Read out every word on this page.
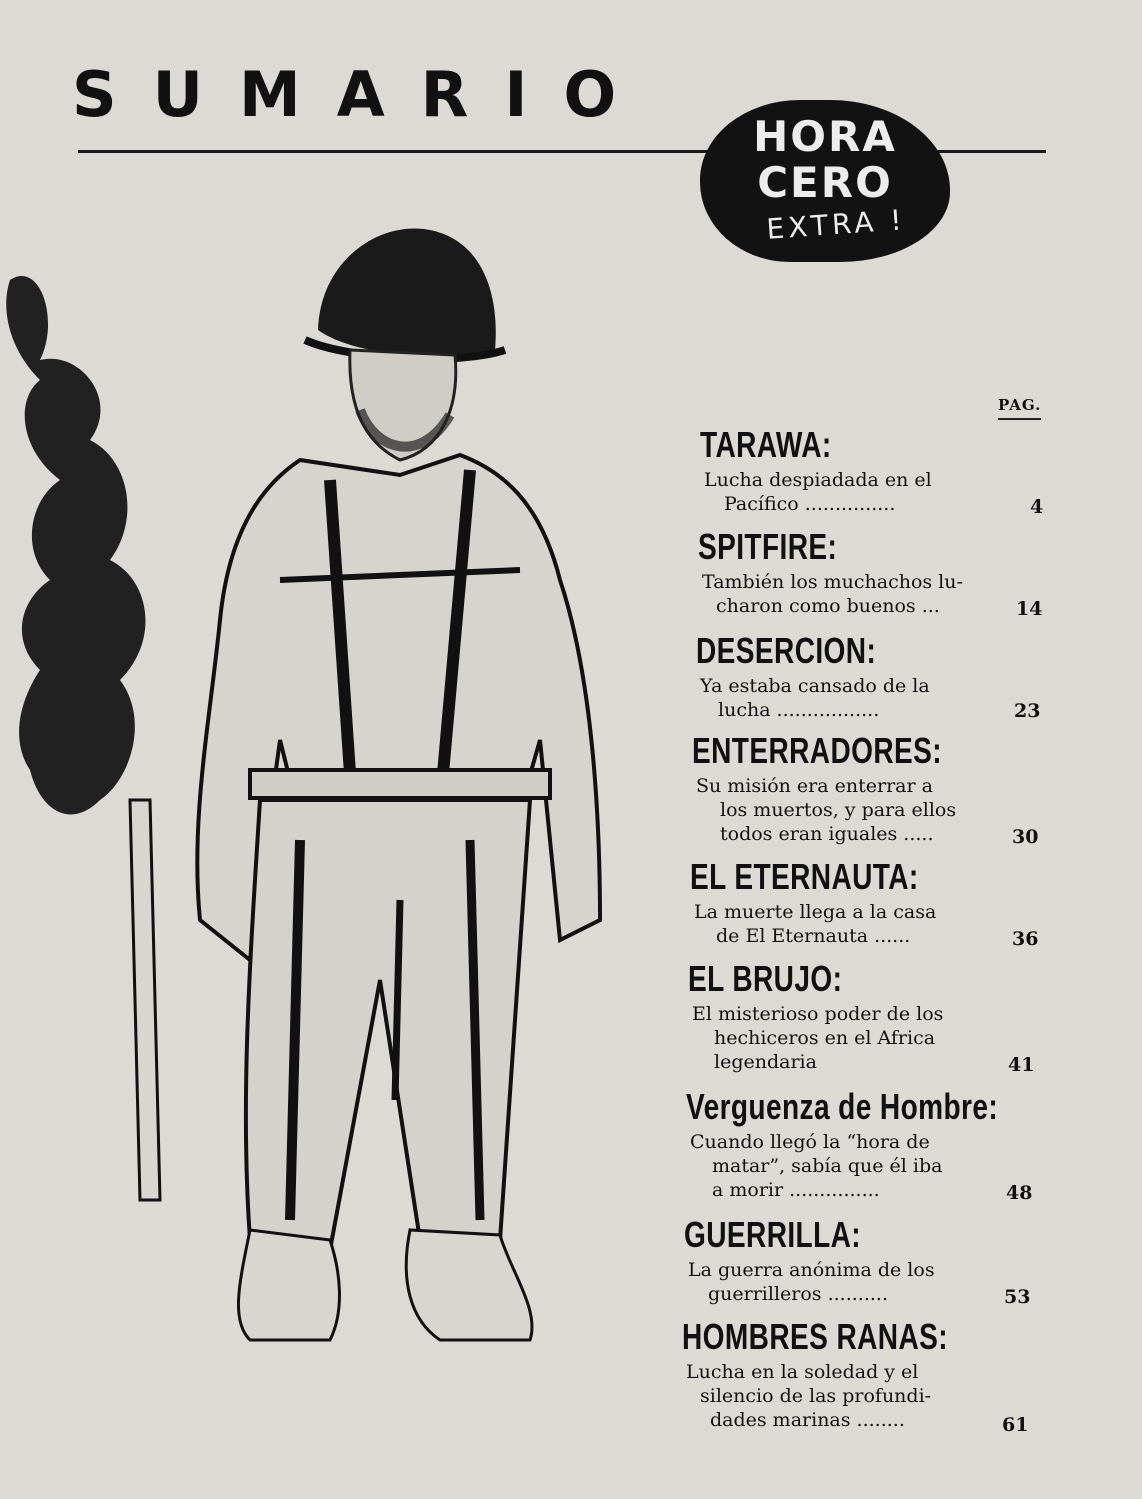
SUMARIO
HORA
CERO
EXTRA !
PAG.
TARAWA:
Lucha despiadada en el
Pacífico ...............	4
SPITFIRE:
También los muchachos lu-
charon como buenos ...	14
DESERCION:
Ya estaba cansado de la
lucha .................	23
ENTERRADORES:
Su misión era enterrar a
los muertos, y para ellos
todos eran iguales .....	30
EL ETERNAUTA:
La muerte llega a la casa
de El Eternauta ......	36
EL BRUJO:
El misterioso poder de los
hechiceros en el Africa
legendaria	41
Verguenza de Hombre:
Cuando llegó la “hora de
matar”, sabía que él iba
a morir ...............	48
GUERRILLA:
La guerra anónima de los
guerrilleros ..........	53
HOMBRES RANAS:
Lucha en la soledad y el
silencio de las profundi-
dades marinas ........	61
